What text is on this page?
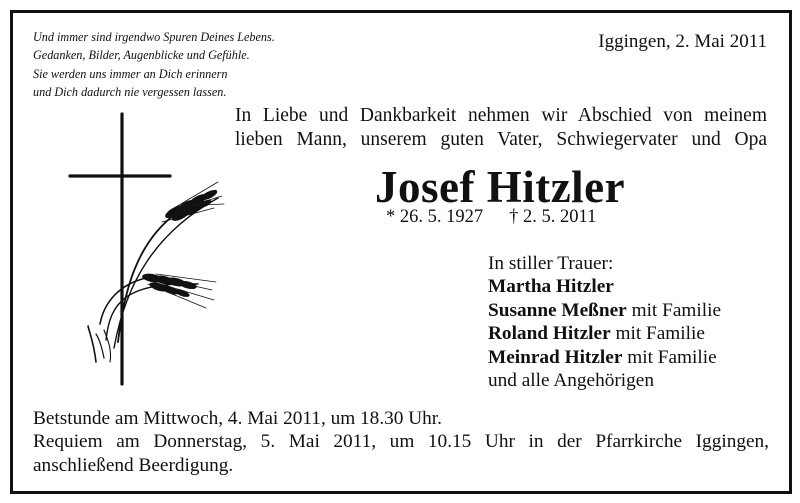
Und immer sind irgendwo Spuren Deines Lebens.
Gedanken, Bilder, Augenblicke und Gefühle.
Sie werden uns immer an Dich erinnern
und Dich dadurch nie vergessen lassen.
Iggingen, 2. Mai 2011
In Liebe und Dankbarkeit nehmen wir Abschied von meinem
lieben Mann, unserem guten Vater, Schwiegervater und Opa
Josef Hitzler
* 26. 5. 1927 † 2. 5. 2011
In stiller Trauer:
Martha Hitzler
Susanne Meßner mit Familie
Roland Hitzler mit Familie
Meinrad Hitzler mit Familie
und alle Angehörigen
Betstunde am Mittwoch, 4. Mai 2011, um 18.30 Uhr.
Requiem am Donnerstag, 5. Mai 2011, um 10.15 Uhr in der Pfarrkirche Iggingen,
anschließend Beerdigung.
